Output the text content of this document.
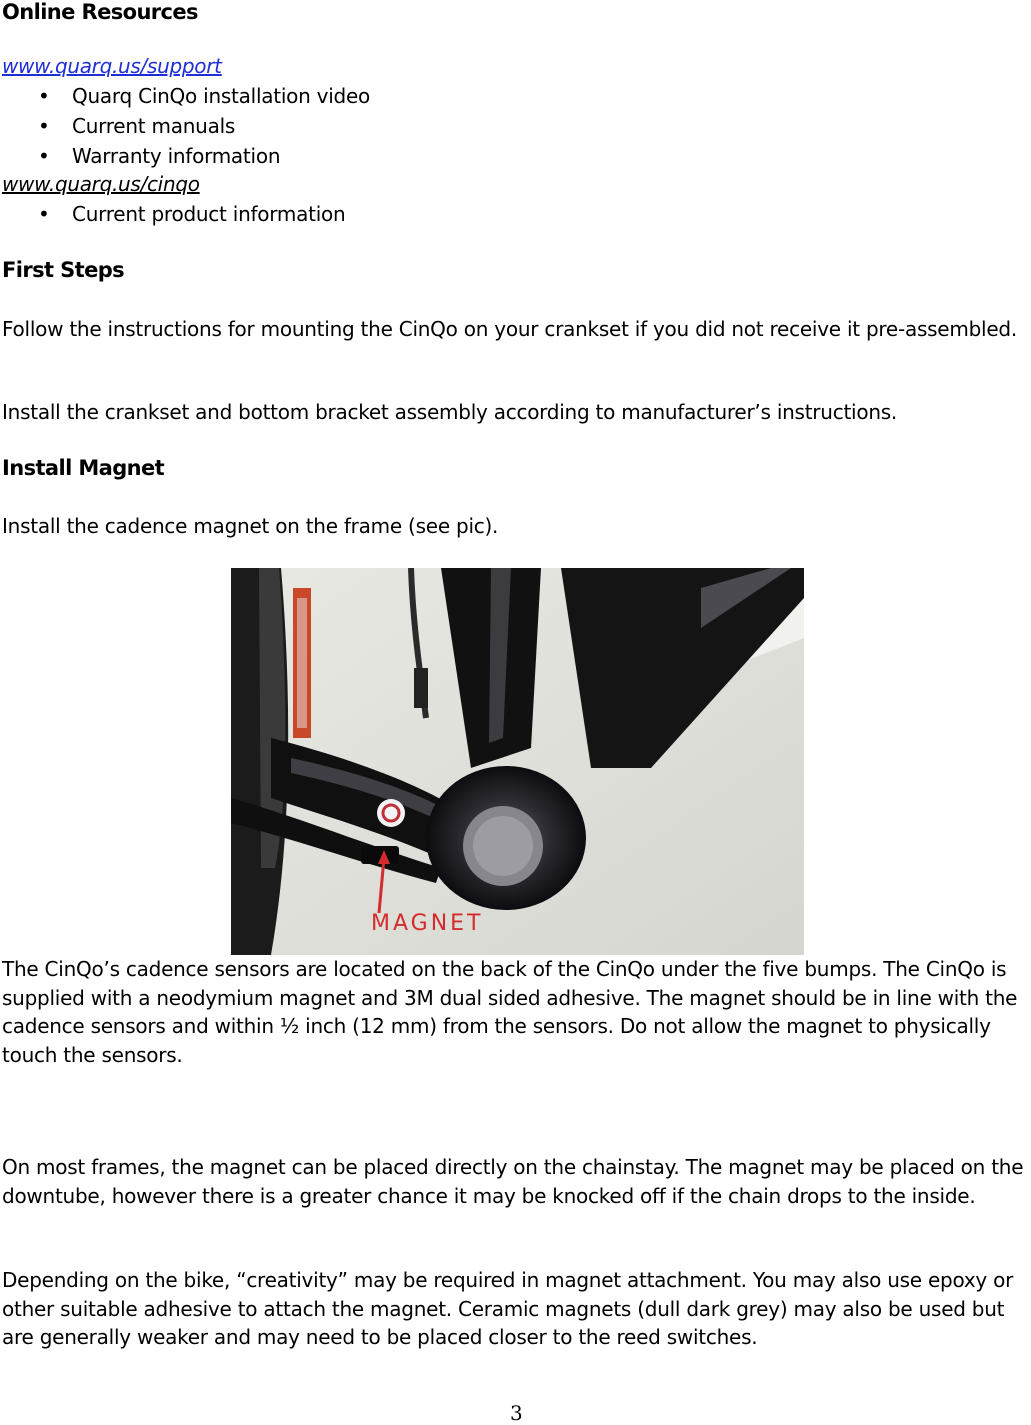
Online Resources
www.quarq.us/support
• Quarq CinQo installation video
• Current manuals
• Warranty information
www.quarq.us/cinqo
• Current product information
First Steps
Follow the instructions for mounting the CinQo on your crankset if you did not receive it pre-assembled.
Install the crankset and bottom bracket assembly according to manufacturer’s instructions.
Install Magnet
Install the cadence magnet on the frame (see pic).
MAGNET
The CinQo’s cadence sensors are located on the back of the CinQo under the five bumps. The CinQo is supplied with a neodymium magnet and 3M dual sided adhesive. The magnet should be in line with the cadence sensors and within ½ inch (12 mm) from the sensors. Do not allow the magnet to physically touch the sensors.
On most frames, the magnet can be placed directly on the chainstay. The magnet may be placed on the downtube, however there is a greater chance it may be knocked off if the chain drops to the inside.
Depending on the bike, “creativity” may be required in magnet attachment. You may also use epoxy or other suitable adhesive to attach the magnet. Ceramic magnets (dull dark grey) may also be used but are generally weaker and may need to be placed closer to the reed switches.
3
